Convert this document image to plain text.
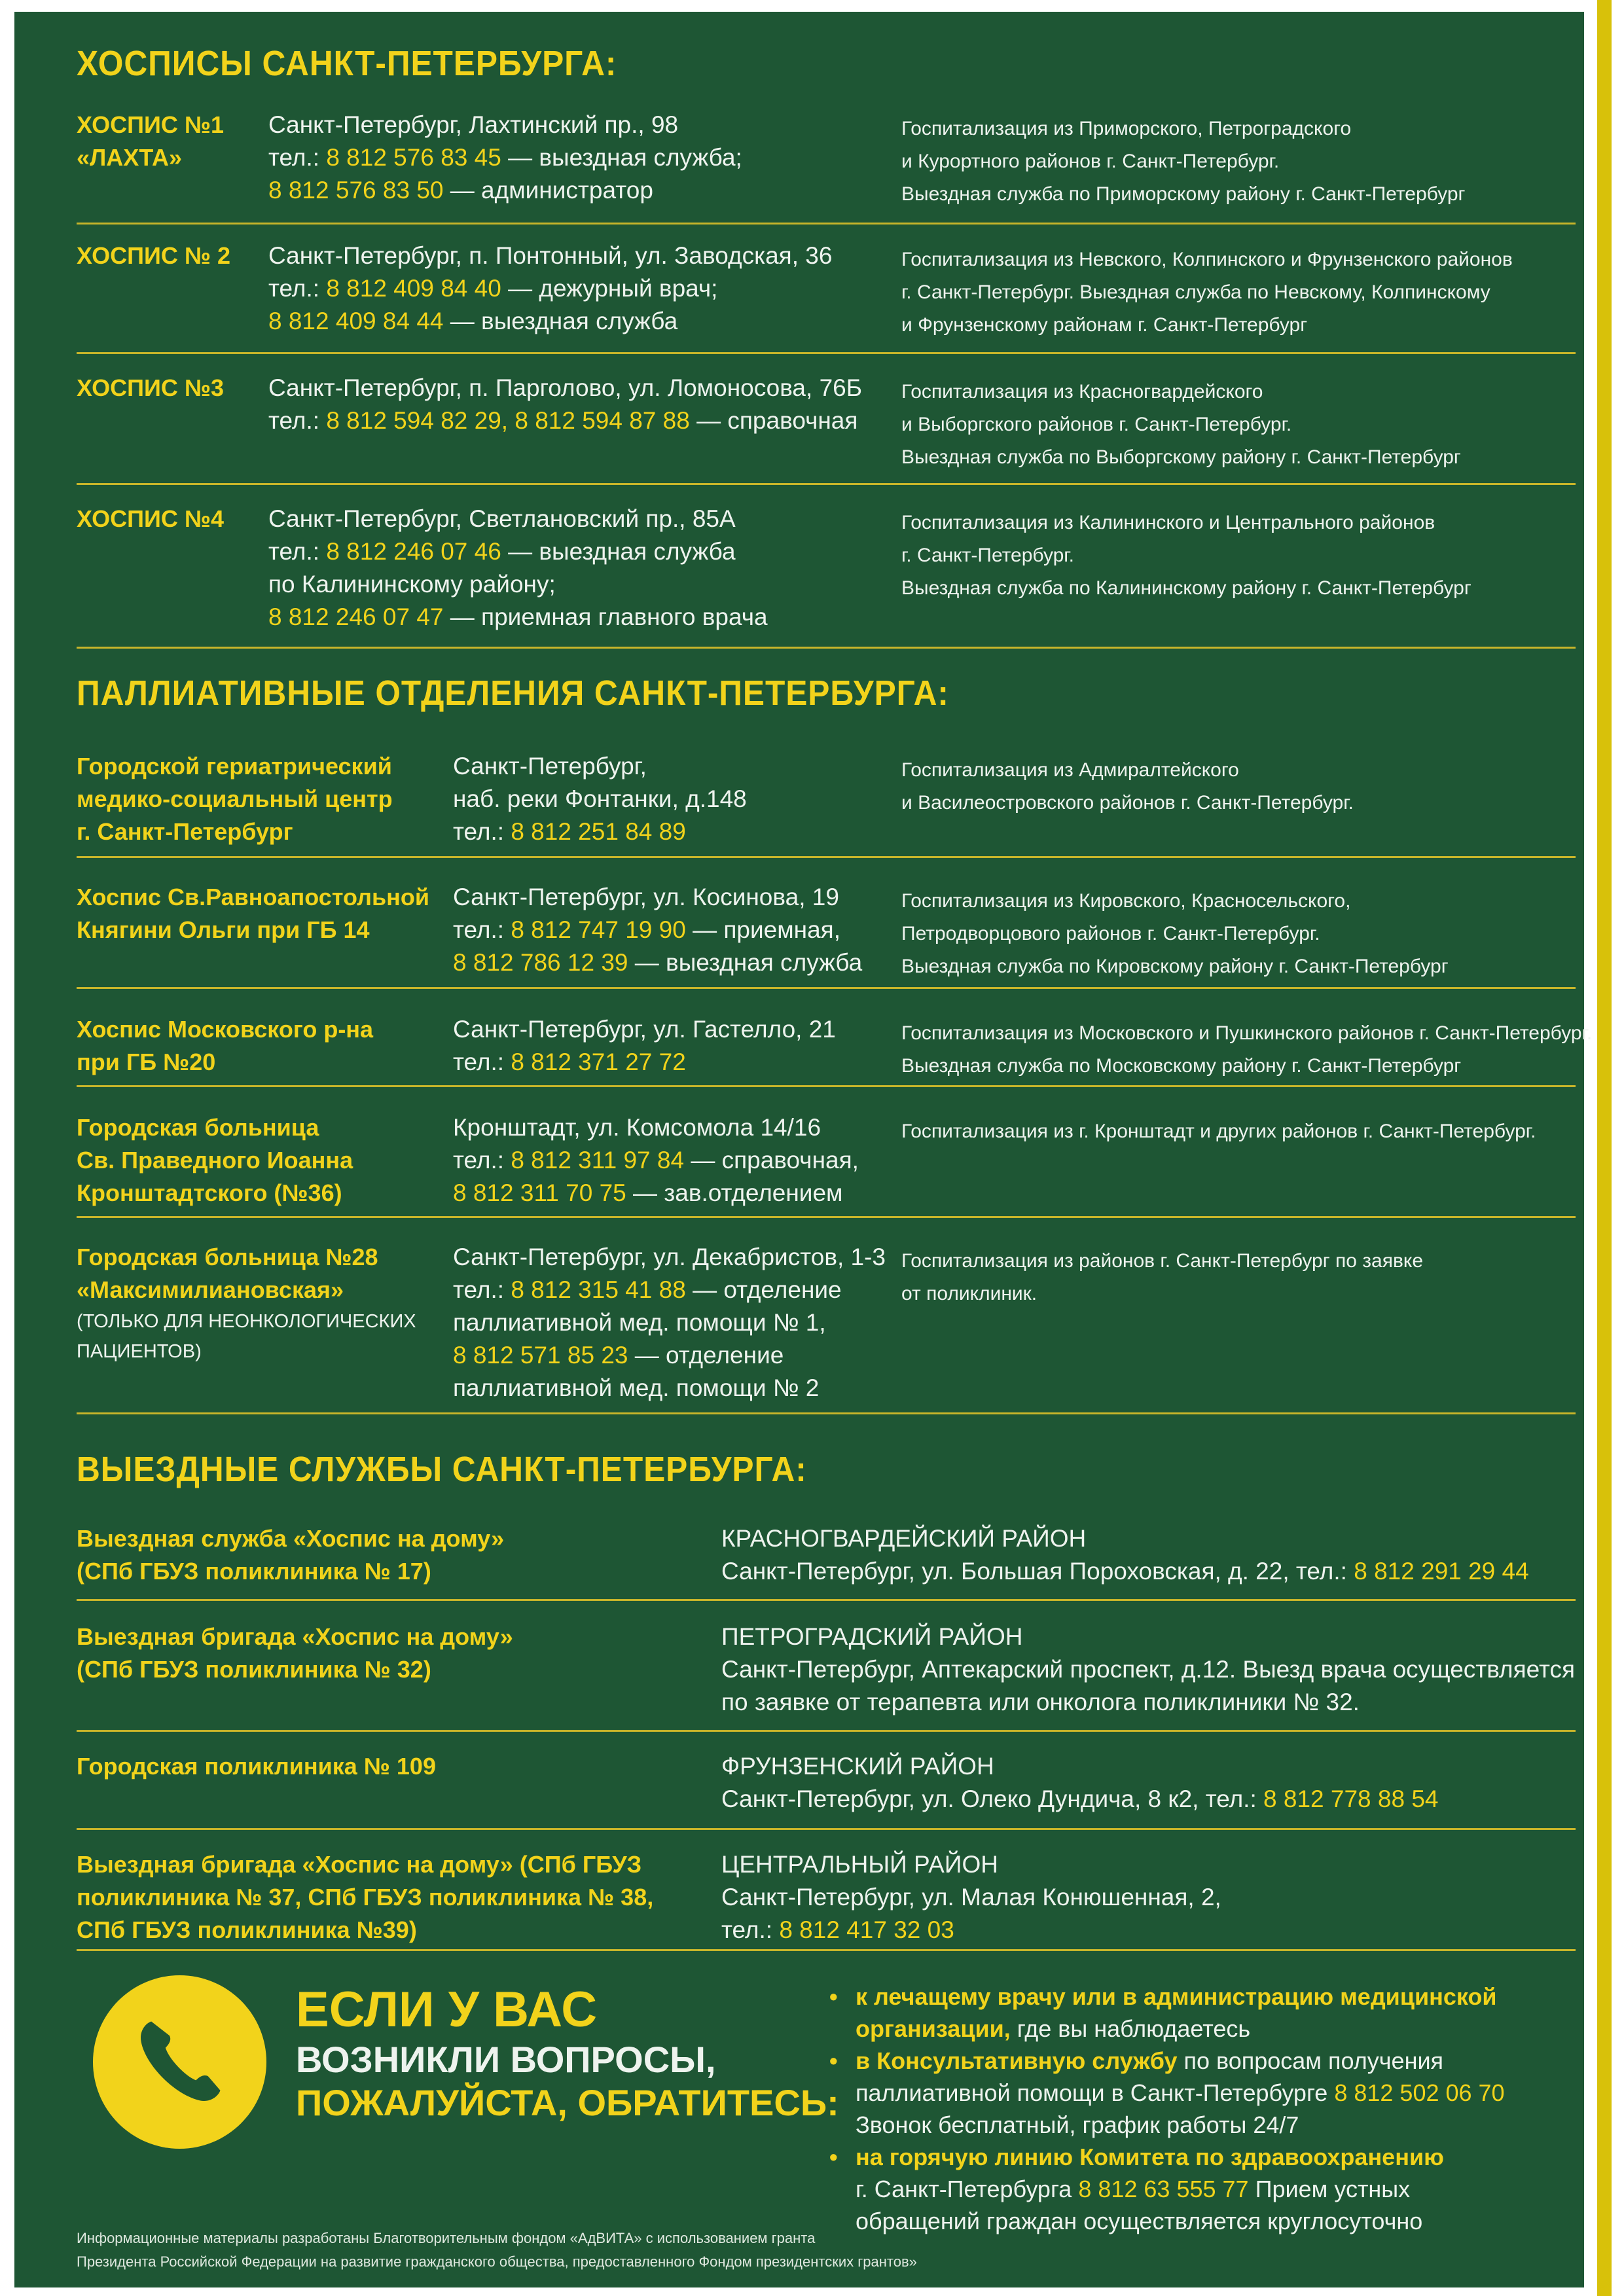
ХОСПИСЫ САНКТ-ПЕТЕРБУРГА:
ПАЛЛИАТИВНЫЕ ОТДЕЛЕНИЯ САНКТ-ПЕТЕРБУРГА:
ВЫЕЗДНЫЕ СЛУЖБЫ САНКТ-ПЕТЕРБУРГА:
ЕСЛИ У ВАС
ВОЗНИКЛИ ВОПРОСЫ,
ПОЖАЛУЙСТА, ОБРАТИТЕСЬ:
• к лечащему врачу или в администрацию медицинской
организации, где вы наблюдаетесь
• в Консультативную службу по вопросам получения
паллиативной помощи в Санкт-Петербурге 8 812 502 06 70
Звонок бесплатный, график работы 24/7
• на горячую линию Комитета по здравоохранению
г. Санкт-Петербурга 8 812 63 555 77 Прием устных
обращений граждан осуществляется круглосуточно
Информационные материалы разработаны Благотворительным фондом «АдВИТА» с использованием гранта
Президента Российской Федерации на развитие гражданского общества, предоставленного Фондом президентских грантов»
ХОСПИС №1
«ЛАХТА»
Санкт-Петербург, Лахтинский пр., 98
тел.: 8 812 576 83 45 — выездная служба;
8 812 576 83 50 — администратор
Госпитализация из Приморского, Петроградского
и Курортного районов г. Санкт-Петербург.
Выездная служба по Приморскому району г. Санкт-Петербург
ХОСПИС № 2 Санкт-Петербург, п. Понтонный, ул. Заводская, 36
тел.: 8 812 409 84 40 — дежурный врач;
8 812 409 84 44 — выездная служба
Госпитализация из Невского, Колпинского и Фрунзенского районов
г. Санкт-Петербург. Выездная служба по Невскому, Колпинскому
и Фрунзенскому районам г. Санкт-Петербург
ХОСПИС №3 Санкт-Петербург, п. Парголово, ул. Ломоносова, 76Б
тел.: 8 812 594 82 29, 8 812 594 87 88 — справочная
Госпитализация из Красногвардейского
и Выборгского районов г. Санкт-Петербург.
Выездная служба по Выборгскому району г. Санкт-Петербург
ХОСПИС №4 Санкт-Петербург, Светлановский пр., 85А
тел.: 8 812 246 07 46 — выездная служба
по Калининскому району;
8 812 246 07 47 — приемная главного врача
Госпитализация из Калининского и Центрального районов
г. Санкт-Петербург.
Выездная служба по Калининскому району г. Санкт-Петербург
Городской гериатрический
медико-социальный центр
г. Санкт-Петербург
Санкт-Петербург,
наб. реки Фонтанки, д.148
тел.: 8 812 251 84 89
Госпитализация из Адмиралтейского
и Василеостровского районов г. Санкт-Петербург.
Хоспис Св.Равноапостольной
Княгини Ольги при ГБ 14
Санкт-Петербург, ул. Косинова, 19
тел.: 8 812 747 19 90 — приемная,
8 812 786 12 39 — выездная служба
Госпитализация из Кировского, Красносельского,
Петродворцового районов г. Санкт-Петербург.
Выездная служба по Кировскому району г. Санкт-Петербург
Хоспис Московского р-на
при ГБ №20
Санкт-Петербург, ул. Гастелло, 21
тел.: 8 812 371 27 72
Госпитализация из Московского и Пушкинского районов г. Санкт-Петербург.
Выездная служба по Московскому району г. Санкт-Петербург
Городская больница
Св. Праведного Иоанна
Кронштадтского (№36)
Кронштадт, ул. Комсомола 14/16
тел.: 8 812 311 97 84 — справочная,
8 812 311 70 75 — зав.отделением
Госпитализация из г. Кронштадт и других районов г. Санкт-Петербург.
Городская больница №28
«Максимилиановская»
(ТОЛЬКО ДЛЯ НЕОНКОЛОГИЧЕСКИХ
ПАЦИЕНТОВ)
Санкт-Петербург, ул. Декабристов, 1-3
тел.: 8 812 315 41 88 — отделение
паллиативной мед. помощи № 1,
8 812 571 85 23 — отделение
паллиативной мед. помощи № 2
Госпитализация из районов г. Санкт-Петербург по заявке
от поликлиник.
Выездная служба «Хоспис на дому»
(СПб ГБУЗ поликлиника № 17)
КРАСНОГВАРДЕЙСКИЙ РАЙОН
Санкт-Петербург, ул. Большая Пороховская, д. 22, тел.: 8 812 291 29 44
Выездная бригада «Хоспис на дому»
(СПб ГБУЗ поликлиника № 32)
ПЕТРОГРАДСКИЙ РАЙОН
Санкт-Петербург, Аптекарский проспект, д.12. Выезд врача осуществляется
по заявке от терапевта или онколога поликлиники № 32.
Городская поликлиника № 109	ФРУНЗЕНСКИЙ РАЙОН
Санкт-Петербург, ул. Олеко Дундича, 8 к2, тел.: 8 812 778 88 54
Выездная бригада «Хоспис на дому» (СПб ГБУЗ
поликлиника № 37, СПб ГБУЗ поликлиника № 38,
СПб ГБУЗ поликлиника №39)
ЦЕНТРАЛЬНЫЙ РАЙОН
Санкт-Петербург, ул. Малая Конюшенная, 2,
тел.: 8 812 417 32 03
